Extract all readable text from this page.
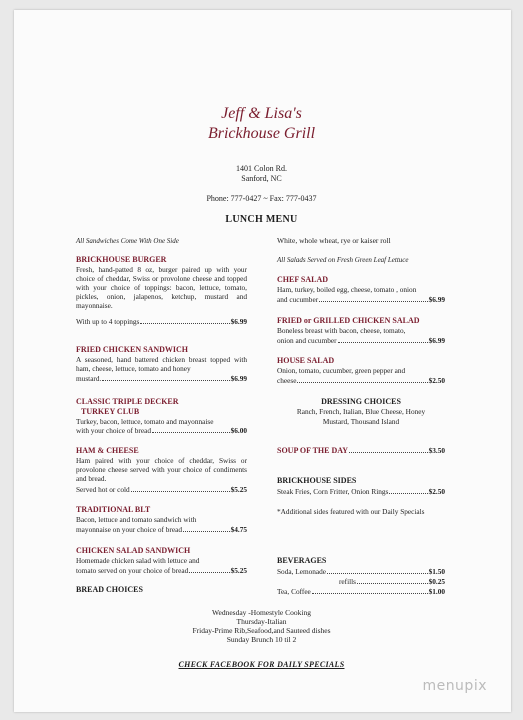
Jeff & Lisa's
Brickhouse Grill
1401 Colon Rd.
Sanford, NC
Phone: 777-0427 ~ Fax: 777-0437
LUNCH MENU
All Sandwiches Come With One Side
BRICKHOUSE BURGER
Fresh, hand-patted 8 oz, burger paired up with your choice of cheddar, Swiss or provolone cheese and topped with your choice of toppings: bacon, lettuce, tomato, pickles, onion, jalapenos, ketchup, mustard and mayonnaise.
With up to 4 toppings	$6.99
FRIED CHICKEN SANDWICH
A seasoned, hand battered chicken breast topped with ham, cheese, lettuce, tomato and honey
mustard.	$6.99
CLASSIC TRIPLE DECKER
TURKEY CLUB
Turkey, bacon, lettuce, tomato and mayonnaise
with your choice of bread	$6.00
HAM & CHEESE
Ham paired with your choice of cheddar, Swiss or provolone cheese served with your choice of condiments and bread.
Served hot or cold	$5.25
TRADITIONAL BLT
Bacon, lettuce and tomato sandwich with
mayonnaise on your choice of bread	$4.75
CHICKEN SALAD SANDWICH
Homemade chicken salad with lettuce and
tomato served on your choice of bread	$5.25
BREAD CHOICES
White, whole wheat, rye or kaiser roll
All Salads Served on Fresh Green Leaf Lettuce
CHEF SALAD
Ham, turkey, boiled egg, cheese, tomato , onion
and cucumber	$6.99
FRIED or GRILLED CHICKEN SALAD
Boneless breast with bacon, cheese, tomato,
onion and cucumber	$6.99
HOUSE SALAD
Onion, tomato, cucumber, green pepper and
cheese	$2.50
DRESSING CHOICES
Ranch, French, Italian, Blue Cheese, Honey
Mustard, Thousand Island
SOUP OF THE DAY	$3.50
BRICKHOUSE SIDES
Steak Fries, Corn Fritter, Onion Rings	$2.50
*Additional sides featured with our Daily Specials
BEVERAGES
Soda, Lemonade	$1.50
refills	$0.25
Tea, Coffee	$1.00
Wednesday -Homestyle Cooking
Thursday-Italian
Friday-Prime Rib,Seafood,and Sauteed dishes
Sunday Brunch 10 til 2
CHECK FACEBOOK FOR DAILY SPECIALS
menupix
